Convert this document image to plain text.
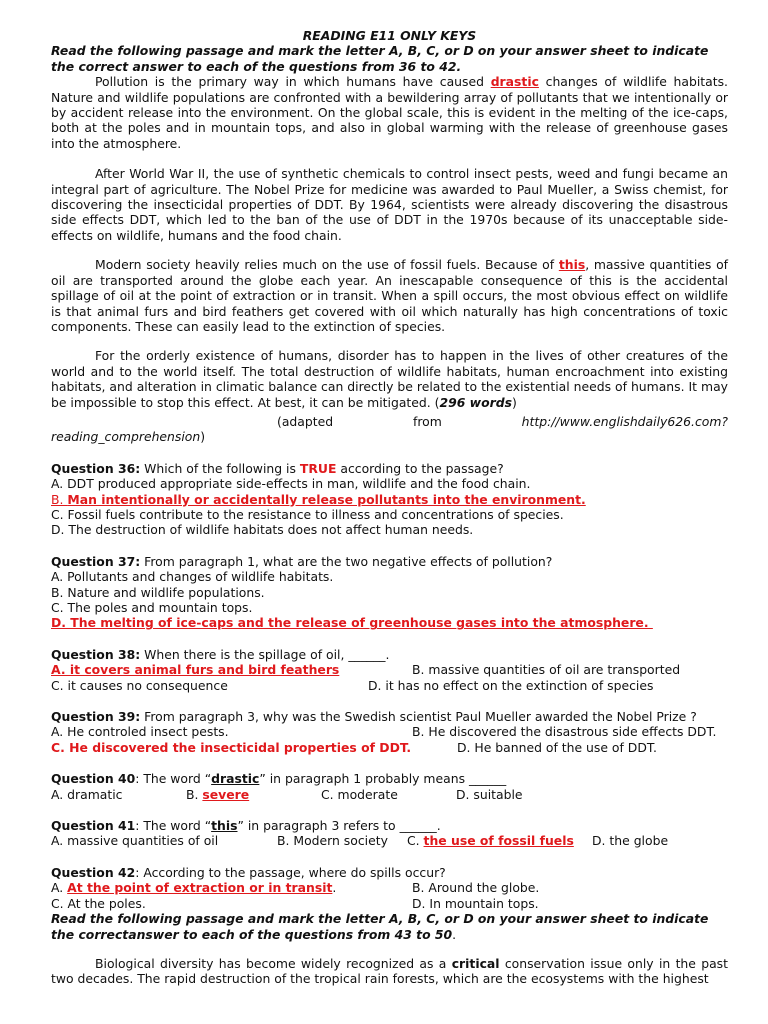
READING E11 ONLY KEYS

Read the following passage and mark the letter A, B, C, or D on your answer sheet to indicate the correct answer to each of the questions from 36 to 42.

Pollution is the primary way in which humans have caused drastic changes of wildlife habitats. Nature and wildlife populations are confronted with a bewildering array of pollutants that we intentionally or by accident release into the environment. On the global scale, this is evident in the melting of the ice-caps, both at the poles and in mountain tops, and also in global warming with the release of greenhouse gases into the atmosphere.

After World War II, the use of synthetic chemicals to control insect pests, weed and fungi became an integral part of agriculture. The Nobel Prize for medicine was awarded to Paul Mueller, a Swiss chemist, for discovering the insecticidal properties of DDT. By 1964, scientists were already discovering the disastrous side effects DDT, which led to the ban of the use of DDT in the 1970s because of its unacceptable side-effects on wildlife, humans and the food chain.

Modern society heavily relies much on the use of fossil fuels. Because of this, massive quantities of oil are transported around the globe each year. An inescapable consequence of this is the accidental spillage of oil at the point of extraction or in transit. When a spill occurs, the most obvious effect on wildlife is that animal furs and bird feathers get covered with oil which naturally has high concentrations of toxic components. These can easily lead to the extinction of species.

For the orderly existence of humans, disorder has to happen in the lives of other creatures of the world and to the world itself. The total destruction of wildlife habitats, human encroachment into existing habitats, and alteration in climatic balance can directly be related to the existential needs of humans. It may be impossible to stop this effect. At best, it can be mitigated. (296 words)

(adapted	from	http://www.englishdaily626.com?
reading_comprehension)
Question 36: Which of the following is TRUE according to the passage?
A. DDT produced appropriate side-effects in man, wildlife and the food chain.
B. Man intentionally or accidentally release pollutants into the environment.
C. Fossil fuels contribute to the resistance to illness and concentrations of species.
D. The destruction of wildlife habitats does not affect human needs.
Question 37: From paragraph 1, what are the two negative effects of pollution?
A. Pollutants and changes of wildlife habitats.
B. Nature and wildlife populations.
C. The poles and mountain tops.
D. The melting of ice-caps and the release of greenhouse gases into the atmosphere.
Question 38: When there is the spillage of oil, ______.
A. it covers animal furs and bird feathers	B. massive quantities of oil are transported
C. it causes no consequence	D. it has no effect on the extinction of species
Question 39: From paragraph 3, why was the Swedish scientist Paul Mueller awarded the Nobel Prize ?
A. He controled insect pests.	B. He discovered the disastrous side effects DDT.
C. He discovered the insecticidal properties of DDT.	D. He banned of the use of DDT.
Question 40: The word “drastic” in paragraph 1 probably means ______
A. dramatic	B. severe	C. moderate	D. suitable
Question 41: The word “this” in paragraph 3 refers to ______.
A. massive quantities of oil	B. Modern society	C. the use of fossil fuels	D. the globe
Question 42: According to the passage, where do spills occur?
A. At the point of extraction or in transit.	B. Around the globe.
C. At the poles.	D. In mountain tops.

Read the following passage and mark the letter A, B, C, or D on your answer sheet to indicate the correctanswer to each of the questions from 43 to 50.

Biological diversity has become widely recognized as a critical conservation issue only in the past two decades. The rapid destruction of the tropical rain forests, which are the ecosystems with the highest
